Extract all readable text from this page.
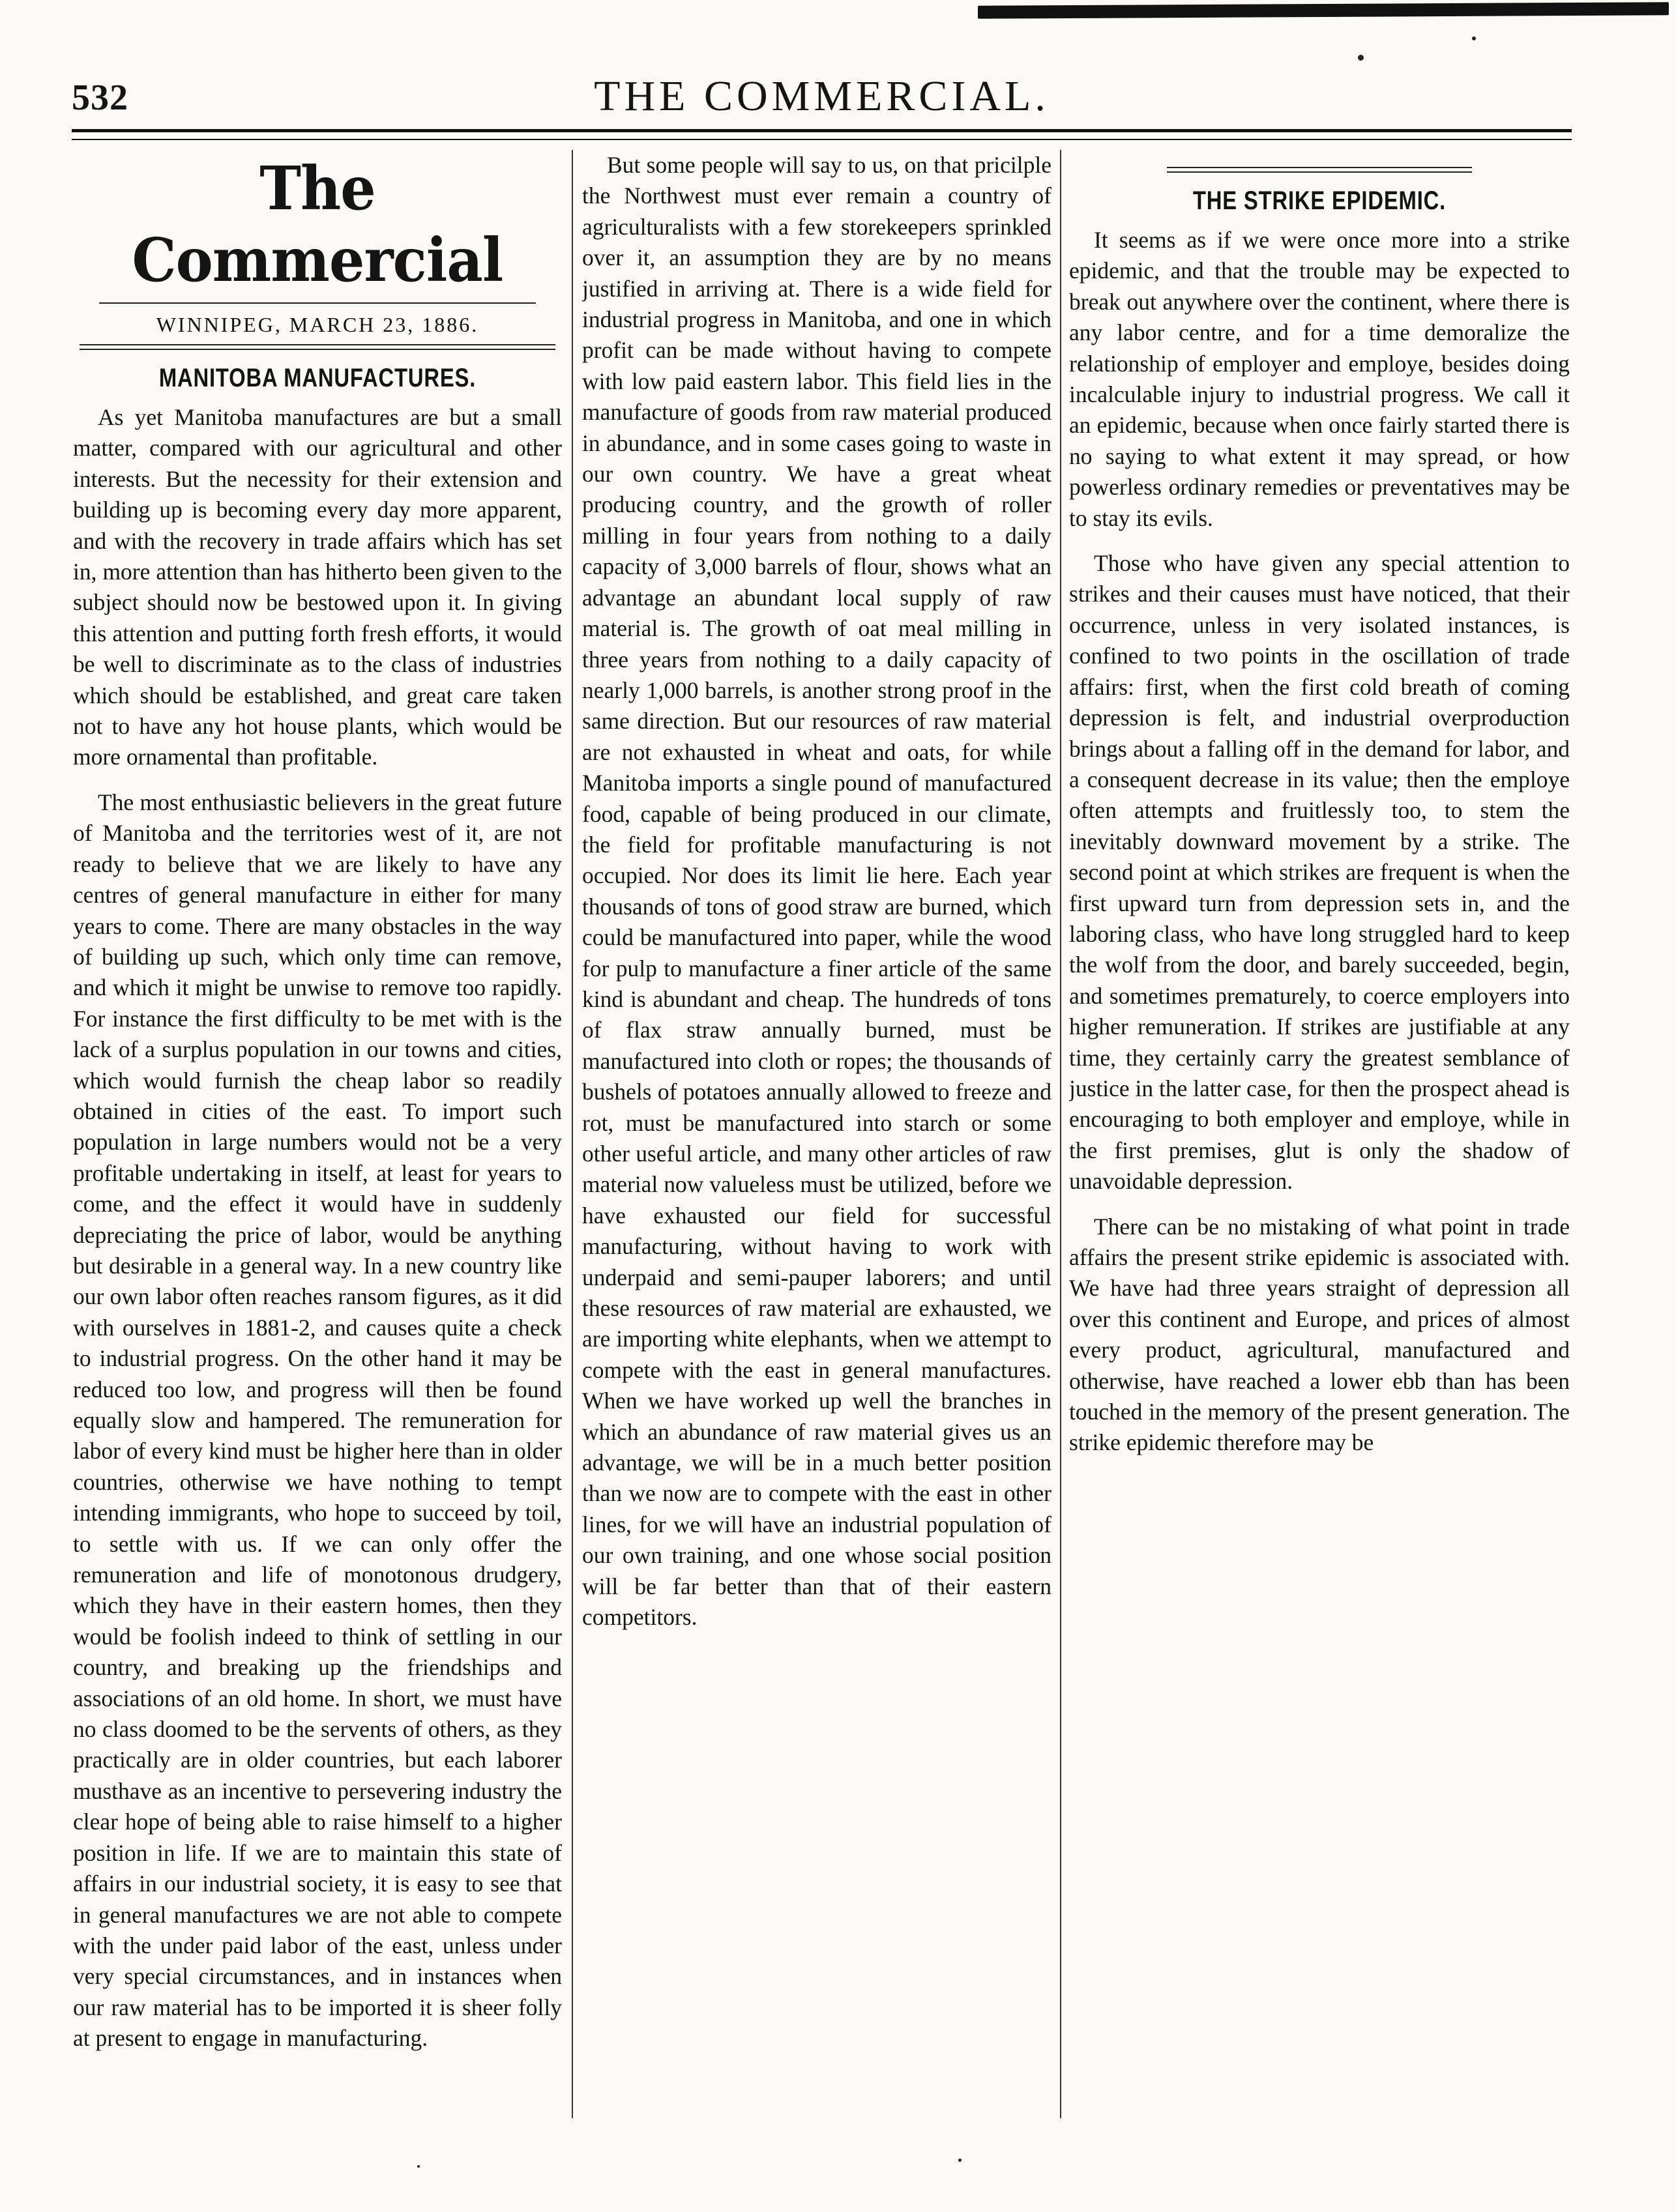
532	THE COMMERCIAL.
The Commercial
WINNIPEG, MARCH 23, 1886.
MANITOBA MANUFACTURES.

As yet Manitoba manufactures are but a small matter, compared with our agricultural and other interests. But the necessity for their extension and building up is becoming every day more apparent, and with the recovery in trade affairs which has set in, more attention than has hitherto been given to the subject should now be bestowed upon it. In giving this attention and putting forth fresh efforts, it would be well to discriminate as to the class of industries which should be established, and great care taken not to have any hot house plants, which would be more ornamental than profitable.

The most enthusiastic believers in the great future of Manitoba and the territories west of it, are not ready to believe that we are likely to have any centres of general manufacture in either for many years to come. There are many obstacles in the way of building up such, which only time can remove, and which it might be unwise to remove too rapidly. For instance the first difficulty to be met with is the lack of a surplus population in our towns and cities, which would furnish the cheap labor so readily obtained in cities of the east. To import such population in large numbers would not be a very profitable undertaking in itself, at least for years to come, and the effect it would have in suddenly depreciating the price of labor, would be anything but desirable in a general way. In a new country like our own labor often reaches ransom figures, as it did with ourselves in 1881-2, and causes quite a check to industrial progress. On the other hand it may be reduced too low, and progress will then be found equally slow and hampered. The remuneration for labor of every kind must be higher here than in older countries, otherwise we have nothing to tempt intending immigrants, who hope to succeed by toil, to settle with us. If we can only offer the remuneration and life of monotonous drudgery, which they have in their eastern homes, then they would be foolish indeed to think of settling in our country, and breaking up the friendships and associations of an old home. In short, we must have no class doomed to be the servents of others, as they practically are in older countries, but each laborer musthave as an incentive to persevering industry the clear hope of being able to raise himself to a higher position in life. If we are to maintain this state of affairs in our industrial society, it is easy to see that in general manufactures we are not able to compete with the under paid labor of the east, unless under very special circumstances, and in instances when our raw material has to be imported it is sheer folly at present to engage in manufacturing.

But some people will say to us, on that pricilple the Northwest must ever remain a country of agriculturalists with a few storekeepers sprinkled over it, an assumption they are by no means justified in arriving at. There is a wide field for industrial progress in Manitoba, and one in which profit can be made without having to compete with low paid eastern labor. This field lies in the manufacture of goods from raw material produced in abundance, and in some cases going to waste in our own country. We have a great wheat producing country, and the growth of roller milling in four years from nothing to a daily capacity of 3,000 barrels of flour, shows what an advantage an abundant local supply of raw material is. The growth of oat meal milling in three years from nothing to a daily capacity of nearly 1,000 barrels, is another strong proof in the same direction. But our resources of raw material are not exhausted in wheat and oats, for while Manitoba imports a single pound of manufactured food, capable of being produced in our climate, the field for profitable manufacturing is not occupied. Nor does its limit lie here. Each year thousands of tons of good straw are burned, which could be manufactured into paper, while the wood for pulp to manufacture a finer article of the same kind is abundant and cheap. The hundreds of tons of flax straw annually burned, must be manufactured into cloth or ropes; the thousands of bushels of potatoes annually allowed to freeze and rot, must be manufactured into starch or some other useful article, and many other articles of raw material now valueless must be utilized, before we have exhausted our field for successful manufacturing, without having to work with underpaid and semi-pauper laborers; and until these resources of raw material are exhausted, we are importing white elephants, when we attempt to compete with the east in general manufactures. When we have worked up well the branches in which an abundance of raw material gives us an advantage, we will be in a much better position than we now are to compete with the east in other lines, for we will have an industrial population of our own training, and one whose social position will be far better than that of their eastern competitors.

THE STRIKE EPIDEMIC.

It seems as if we were once more into a strike epidemic, and that the trouble may be expected to break out anywhere over the continent, where there is any labor centre, and for a time demoralize the relationship of employer and employe, besides doing incalculable injury to industrial progress. We call it an epidemic, because when once fairly started there is no saying to what extent it may spread, or how powerless ordinary remedies or preventatives may be to stay its evils.

Those who have given any special attention to strikes and their causes must have noticed, that their occurrence, unless in very isolated instances, is confined to two points in the oscillation of trade affairs: first, when the first cold breath of coming depression is felt, and industrial overproduction brings about a falling off in the demand for labor, and a consequent decrease in its value; then the employe often attempts and fruitlessly too, to stem the inevitably downward movement by a strike. The second point at which strikes are frequent is when the first upward turn from depression sets in, and the laboring class, who have long struggled hard to keep the wolf from the door, and barely succeeded, begin, and sometimes prematurely, to coerce employers into higher remuneration. If strikes are justifiable at any time, they certainly carry the greatest semblance of justice in the latter case, for then the prospect ahead is encouraging to both employer and employe, while in the first premises, glut is only the shadow of unavoidable depression.

There can be no mistaking of what point in trade affairs the present strike epidemic is associated with. We have had three years straight of depression all over this continent and Europe, and prices of almost every product, agricultural, manufactured and otherwise, have reached a lower ebb than has been touched in the memory of the present generation. The strike epidemic therefore may be
